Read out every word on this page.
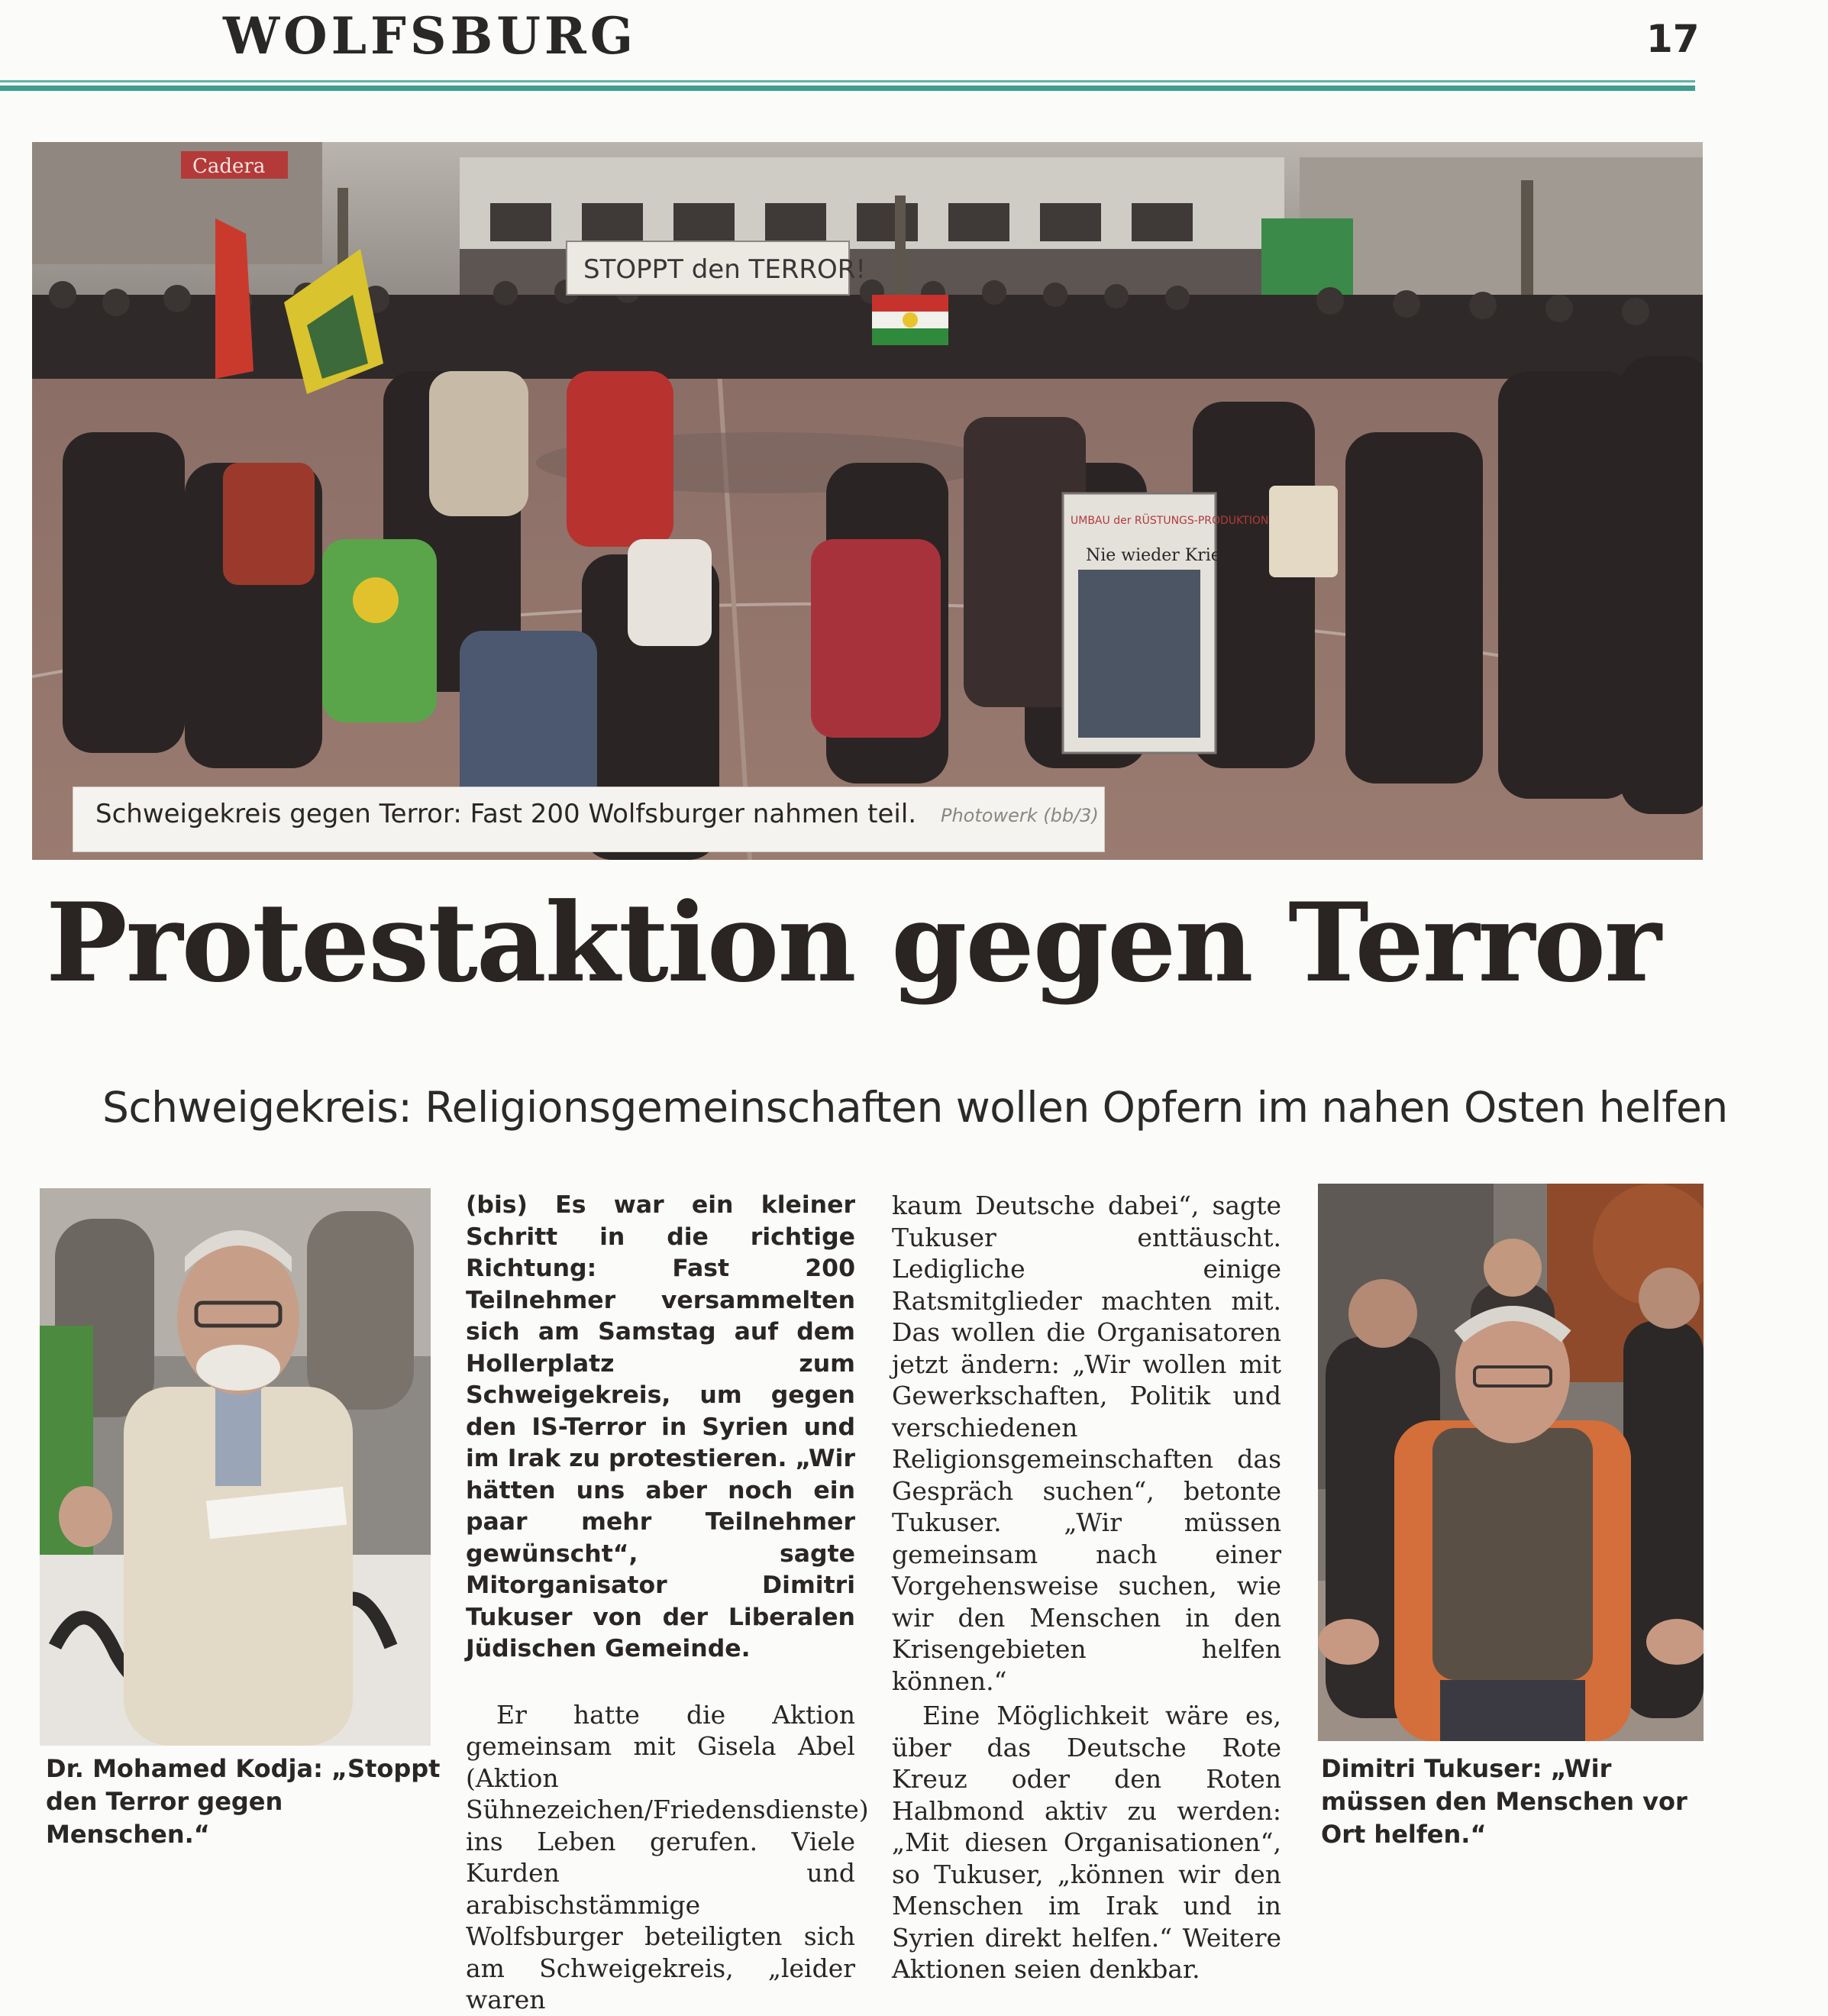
WOLFSBURG	17
Cadera
STOPPT den TERROR!
UMBAU der RÜSTUNGS-PRODUKTION
Nie wieder Krieg
Schweigekreis gegen Terror: Fast 200 Wolfsburger nahmen teil. Photowerk (bb/3)
Protestaktion gegen Terror
Schweigekreis: Religionsgemeinschaften wollen Opfern im nahen Osten helfen
Dr. Mohamed Kodja: „Stoppt den Terror gegen Menschen.“

(bis) Es war ein kleiner Schritt in die richtige Richtung: Fast 200 Teilnehmer versammelten sich am Samstag auf dem Hollerplatz zum Schweigekreis, um gegen den IS-Terror in Syrien und im Irak zu protestieren. „Wir hätten uns aber noch ein paar mehr Teilnehmer gewünscht“, sagte Mitorganisator Dimitri Tukuser von der Liberalen Jüdischen Gemeinde.

Er hatte die Aktion gemeinsam mit Gisela Abel (Aktion Sühnezeichen/Friedensdienste) ins Leben gerufen. Viele Kurden und arabischstämmige Wolfsburger beteiligten sich am Schweigekreis, „leider waren

kaum Deutsche dabei“, sagte Tukuser enttäuscht. Ledigliche einige Ratsmitglieder machten mit. Das wollen die Organisatoren jetzt ändern: „Wir wollen mit Gewerkschaften, Politik und verschiedenen Religionsgemeinschaften das Gespräch suchen“, betonte Tukuser. „Wir müssen gemeinsam nach einer Vorgehensweise suchen, wie wir den Menschen in den Krisengebieten helfen können.“

Eine Möglichkeit wäre es, über das Deutsche Rote Kreuz oder den Roten Halbmond aktiv zu werden: „Mit diesen Organisationen“, so Tukuser, „können wir den Menschen im Irak und in Syrien direkt helfen.“ Weitere Aktionen seien denkbar.

Dimitri Tukuser: „Wir müssen den Menschen vor Ort helfen.“
